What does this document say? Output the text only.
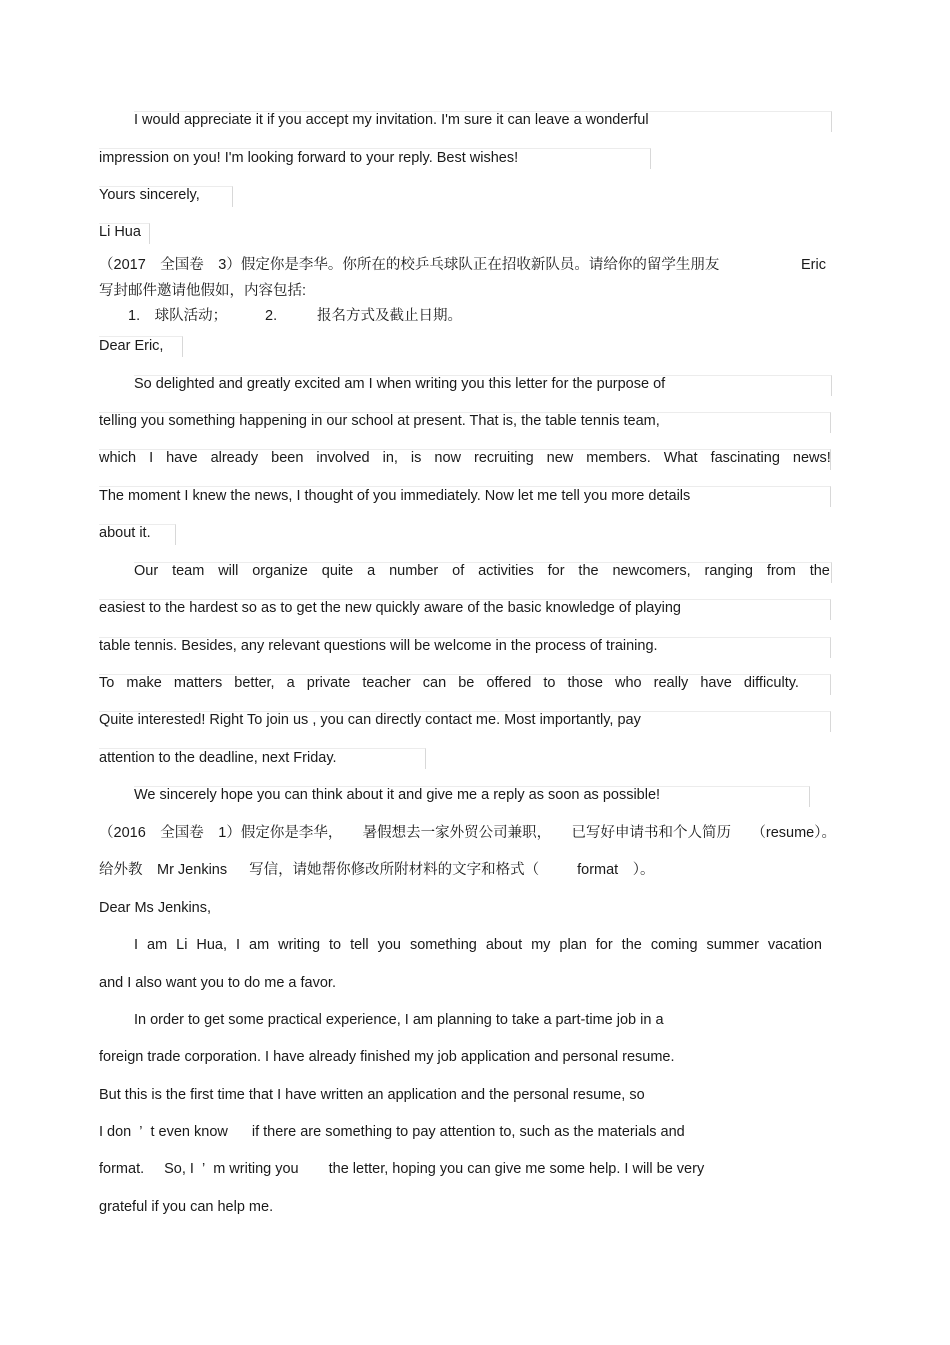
I would appreciate it if you accept my invitation. I'm sure it can leave a wonderful
impression on you! I'm looking forward to your reply. Best wishes!
Yours sincerely,
Li Hua
（2017　全国卷　3）假定你是李华。你所在的校乒乓球队正在招收新队员。请给你的留学生朋友	Eric
写封邮件邀请他假如，内容包括:
1.　球队活动；	2.	报名方式及截止日期。
Dear Eric,
So delighted and greatly excited am I when writing you this letter for the purpose of
telling you something happening in our school at present. That is, the table tennis team,
which I have already been involved in, is now recruiting new members. What fascinating news!
The moment I knew the news, I thought of you immediately. Now let me tell you more details
about it.
Our team will organize quite a number of activities for the newcomers, ranging from the
easiest to the hardest so as to get the new quickly aware of the basic knowledge of playing
table tennis. Besides, any relevant questions will be welcome in the process of training.
To make matters better, a private teacher can be offered to those who really have difficulty.
Quite interested! Right To join us , you can directly contact me. Most importantly, pay
attention to the deadline, next Friday.
We sincerely hope you can think about it and give me a reply as soon as possible!
（2016　全国卷　1）假定你是李华， 暑假想去一家外贸公司兼职， 已写好申请书和个人简历 （resume）。
给外教　Mr Jenkins 写信，请她帮你修改所附材料的文字和格式（	format　）。
Dear Ms Jenkins,
I am Li Hua, I am writing to tell you something about my plan for the coming summer vacation
and I also want you to do me a favor.
In order to get some practical experience, I am planning to take a part-time job in a
foreign trade corporation. I have already finished my job application and personal resume.
But this is the first time that I have written an application and the personal resume, so
I don ’ t even know if there are something to pay attention to, such as the materials and
format. So, I ’ m writing you the letter, hoping you can give me some help. I will be very
grateful if you can help me.
